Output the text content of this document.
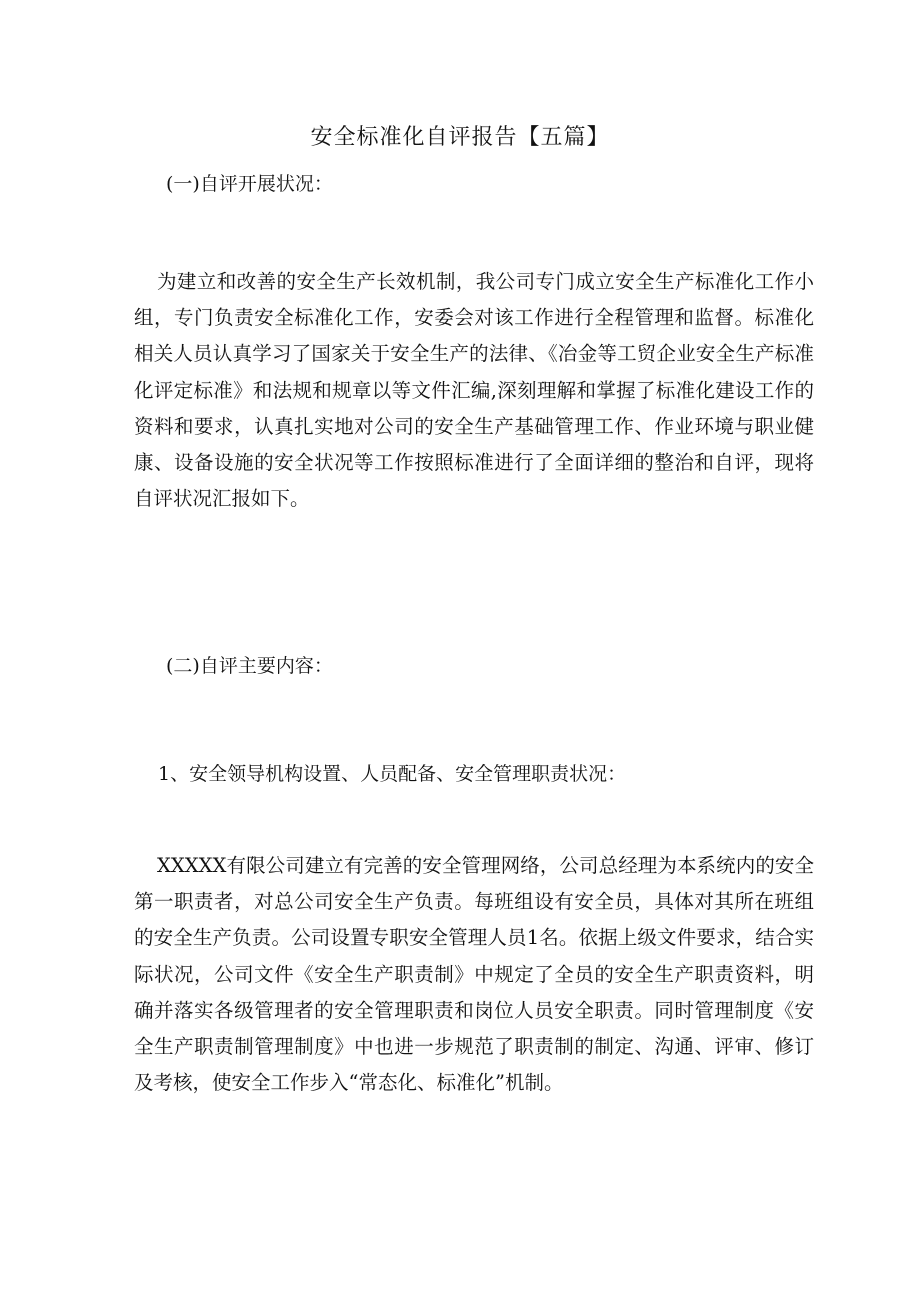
安全标准化自评报告【五篇】
(一)自评开展状况：

为建立和改善的安全生产长效机制，我公司专门成立安全生产标准化工作小组，专门负责安全标准化工作，安委会对该工作进行全程管理和监督。标准化相关人员认真学习了国家关于安全生产的法律、《冶金等工贸企业安全生产标准化评定标准》和法规和规章以等文件汇编,深刻理解和掌握了标准化建设工作的资料和要求，认真扎实地对公司的安全生产基础管理工作、作业环境与职业健康、设备设施的安全状况等工作按照标准进行了全面详细的整治和自评，现将自评状况汇报如下。

(二)自评主要内容：
1、安全领导机构设置、人员配备、安全管理职责状况：

XXXXX有限公司建立有完善的安全管理网络，公司总经理为本系统内的安全第一职责者，对总公司安全生产负责。每班组设有安全员，具体对其所在班组的安全生产负责。公司设置专职安全管理人员1名。依据上级文件要求，结合实际状况，公司文件《安全生产职责制》中规定了全员的安全生产职责资料，明确并落实各级管理者的安全管理职责和岗位人员安全职责。同时管理制度《安全生产职责制管理制度》中也进一步规范了职责制的制定、沟通、评审、修订及考核，使安全工作步入“常态化、标准化”机制。
